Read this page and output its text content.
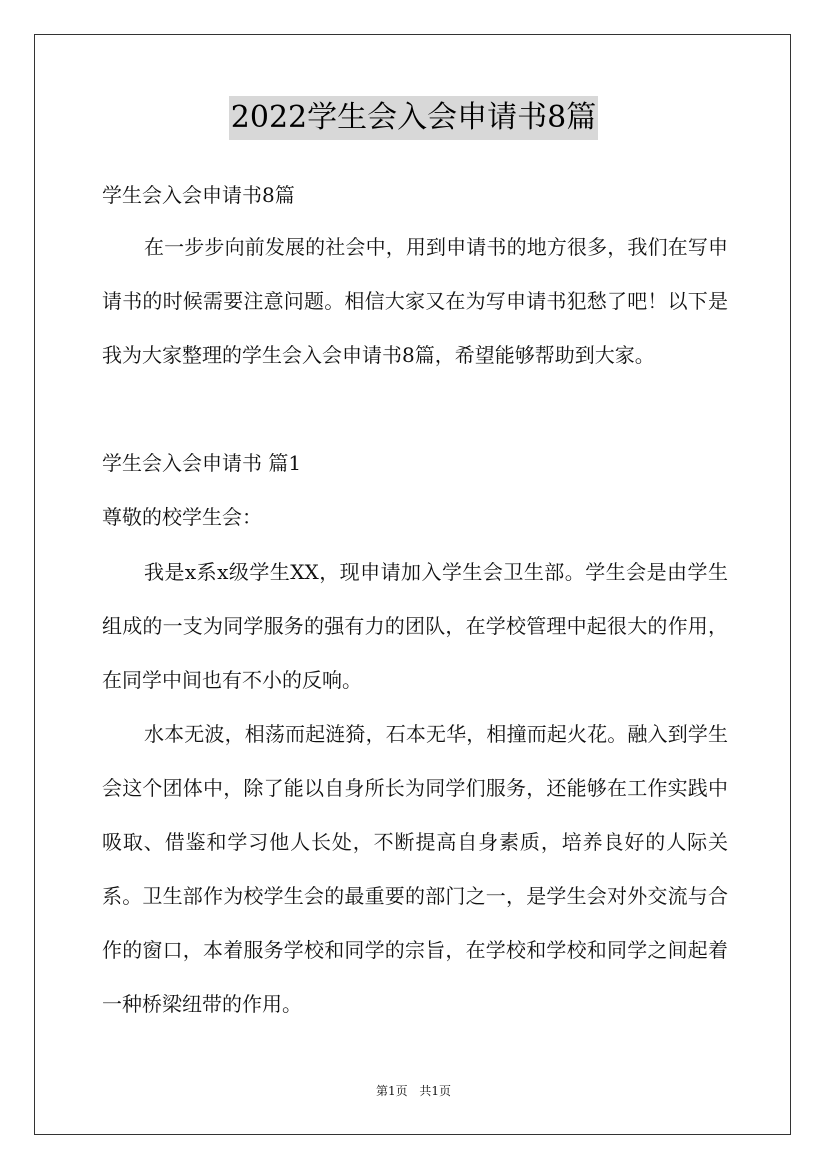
2022学生会入会申请书8篇
学生会入会申请书8篇
在一步步向前发展的社会中，用到申请书的地方很多，我们在写申请书的时候需要注意问题。相信大家又在为写申请书犯愁了吧！以下是我为大家整理的学生会入会申请书8篇，希望能够帮助到大家。
学生会入会申请书 篇1
尊敬的校学生会：
我是x系x级学生XX，现申请加入学生会卫生部。学生会是由学生组成的一支为同学服务的强有力的团队，在学校管理中起很大的作用，在同学中间也有不小的反响。
水本无波，相荡而起涟猗，石本无华，相撞而起火花。融入到学生会这个团体中，除了能以自身所长为同学们服务，还能够在工作实践中吸取、借鉴和学习他人长处，不断提高自身素质，培养良好的人际关系。卫生部作为校学生会的最重要的部门之一，是学生会对外交流与合作的窗口，本着服务学校和同学的宗旨，在学校和学校和同学之间起着一种桥梁纽带的作用。
第1页 共1页
